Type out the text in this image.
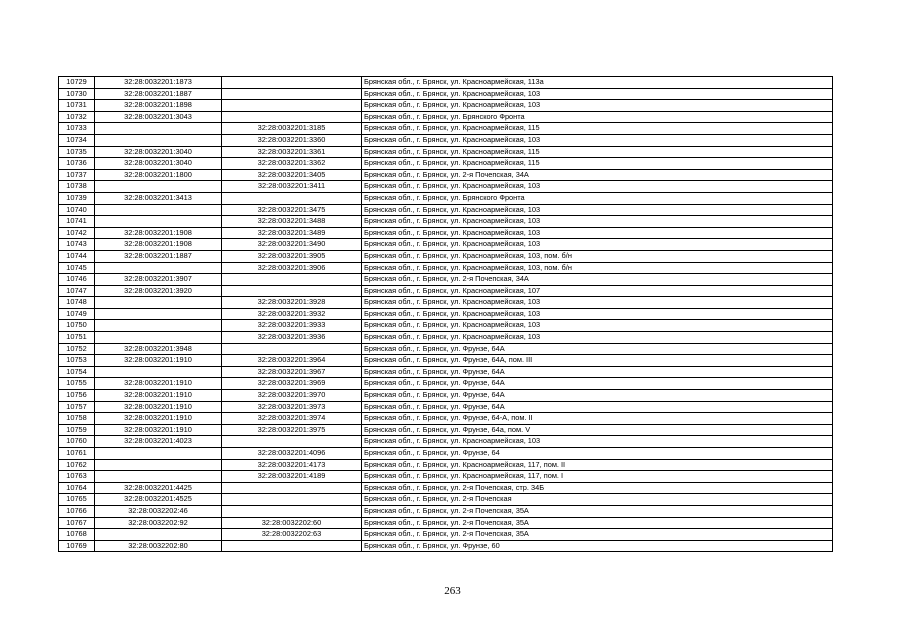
10729	32:28:0032201:1873		Брянская обл., г. Брянск, ул. Красноармейская, 113а
10730	32:28:0032201:1887		Брянская обл., г. Брянск, ул. Красноармейская, 103
10731	32:28:0032201:1898		Брянская обл., г. Брянск, ул. Красноармейская, 103
10732	32:28:0032201:3043		Брянская обл., г. Брянск, ул. Брянского Фронта
10733		32:28:0032201:3185	Брянская обл., г. Брянск, ул. Красноармейская, 115
10734		32:28:0032201:3360	Брянская обл., г. Брянск, ул. Красноармейская, 103
10735	32:28:0032201:3040	32:28:0032201:3361	Брянская обл., г. Брянск, ул. Красноармейская, 115
10736	32:28:0032201:3040	32:28:0032201:3362	Брянская обл., г. Брянск, ул. Красноармейская, 115
10737	32:28:0032201:1800	32:28:0032201:3405	Брянская обл., г. Брянск, ул. 2-я Почепская, 34А
10738		32:28:0032201:3411	Брянская обл., г. Брянск, ул. Красноармейская, 103
10739	32:28:0032201:3413		Брянская обл., г. Брянск, ул. Брянского Фронта
10740		32:28:0032201:3475	Брянская обл., г. Брянск, ул. Красноармейская, 103
10741		32:28:0032201:3488	Брянская обл., г. Брянск, ул. Красноармейская, 103
10742	32:28:0032201:1908	32:28:0032201:3489	Брянская обл., г. Брянск, ул. Красноармейская, 103
10743	32:28:0032201:1908	32:28:0032201:3490	Брянская обл., г. Брянск, ул. Красноармейская, 103
10744	32:28:0032201:1887	32:28:0032201:3905	Брянская обл., г. Брянск, ул. Красноармейская, 103, пом. б/н
10745		32:28:0032201:3906	Брянская обл., г. Брянск, ул. Красноармейская, 103, пом. б/н
10746	32:28:0032201:3907		Брянская обл., г. Брянск, ул. 2-я Почепская, 34А
10747	32:28:0032201:3920		Брянская обл., г. Брянск, ул. Красноармейская, 107
10748		32:28:0032201:3928	Брянская обл., г. Брянск, ул. Красноармейская, 103
10749		32:28:0032201:3932	Брянская обл., г. Брянск, ул. Красноармейская, 103
10750		32:28:0032201:3933	Брянская обл., г. Брянск, ул. Красноармейская, 103
10751		32:28:0032201:3936	Брянская обл., г. Брянск, ул. Красноармейская, 103
10752	32:28:0032201:3948		Брянская обл., г. Брянск, ул. Фрунзе, 64А
10753	32:28:0032201:1910	32:28:0032201:3964	Брянская обл., г. Брянск, ул. Фрунзе, 64А, пом. III
10754		32:28:0032201:3967	Брянская обл., г. Брянск, ул. Фрунзе, 64А
10755	32:28:0032201:1910	32:28:0032201:3969	Брянская обл., г. Брянск, ул. Фрунзе, 64А
10756	32:28:0032201:1910	32:28:0032201:3970	Брянская обл., г. Брянск, ул. Фрунзе, 64А
10757	32:28:0032201:1910	32:28:0032201:3973	Брянская обл., г. Брянск, ул. Фрунзе, 64А
10758	32:28:0032201:1910	32:28:0032201:3974	Брянская обл., г. Брянск, ул. Фрунзе, 64-А, пом. II
10759	32:28:0032201:1910	32:28:0032201:3975	Брянская обл., г. Брянск, ул. Фрунзе, 64а, пом. V
10760	32:28:0032201:4023		Брянская обл., г. Брянск, ул. Красноармейская, 103
10761		32:28:0032201:4096	Брянская обл., г. Брянск, ул. Фрунзе, 64
10762		32:28:0032201:4173	Брянская обл., г. Брянск, ул. Красноармейская, 117, пом. II
10763		32:28:0032201:4189	Брянская обл., г. Брянск, ул. Красноармейская, 117, пом. I
10764	32:28:0032201:4425		Брянская обл., г. Брянск, ул. 2-я Почепская, стр. 34Б
10765	32:28:0032201:4525		Брянская обл., г. Брянск, ул. 2-я Почепская
10766	32:28:0032202:46		Брянская обл., г. Брянск, ул. 2-я Почепская, 35А
10767	32:28:0032202:92	32:28:0032202:60	Брянская обл., г. Брянск, ул. 2-я Почепская, 35А
10768		32:28:0032202:63	Брянская обл., г. Брянск, ул. 2-я Почепская, 35А
10769	32:28:0032202:80		Брянская обл., г. Брянск, ул. Фрунзе, 60
263
